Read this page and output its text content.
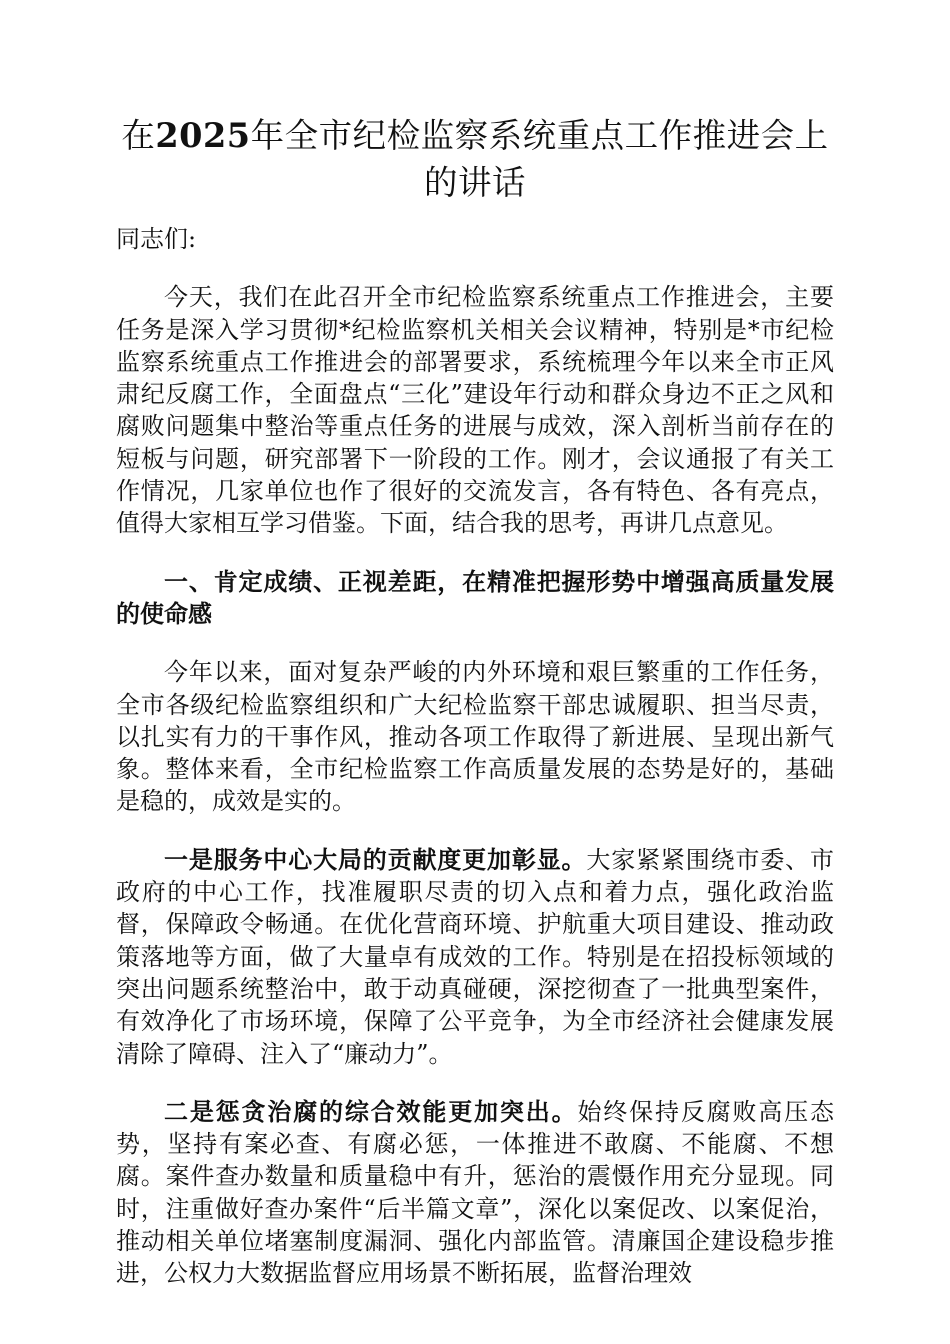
在2025年全市纪检监察系统重点工作推进会上的讲话

同志们:

今天，我们在此召开全市纪检监察系统重点工作推进会，主要任务是深入学习贯彻*纪检监察机关相关会议精神，特别是*市纪检监察系统重点工作推进会的部署要求，系统梳理今年以来全市正风肃纪反腐工作，全面盘点“三化”建设年行动和群众身边不正之风和腐败问题集中整治等重点任务的进展与成效，深入剖析当前存在的短板与问题，研究部署下一阶段的工作。刚才，会议通报了有关工作情况，几家单位也作了很好的交流发言，各有特色、各有亮点，值得大家相互学习借鉴。下面，结合我的思考，再讲几点意见。

一、肯定成绩、正视差距，在精准把握形势中增强高质量发展的使命感

今年以来，面对复杂严峻的内外环境和艰巨繁重的工作任务，全市各级纪检监察组织和广大纪检监察干部忠诚履职、担当尽责，以扎实有力的干事作风，推动各项工作取得了新进展、呈现出新气象。整体来看，全市纪检监察工作高质量发展的态势是好的，基础是稳的，成效是实的。

一是服务中心大局的贡献度更加彰显。大家紧紧围绕市委、市政府的中心工作，找准履职尽责的切入点和着力点，强化政治监督，保障政令畅通。在优化营商环境、护航重大项目建设、推动政策落地等方面，做了大量卓有成效的工作。特别是在招投标领域的突出问题系统整治中，敢于动真碰硬，深挖彻查了一批典型案件，有效净化了市场环境，保障了公平竞争，为全市经济社会健康发展清除了障碍、注入了“廉动力”。

二是惩贪治腐的综合效能更加突出。始终保持反腐败高压态势，坚持有案必查、有腐必惩，一体推进不敢腐、不能腐、不想腐。案件查办数量和质量稳中有升，惩治的震慑作用充分显现。同时，注重做好查办案件“后半篇文章”，深化以案促改、以案促治，推动相关单位堵塞制度漏洞、强化内部监管。清廉国企建设稳步推进，公权力大数据监督应用场景不断拓展，监督治理效
